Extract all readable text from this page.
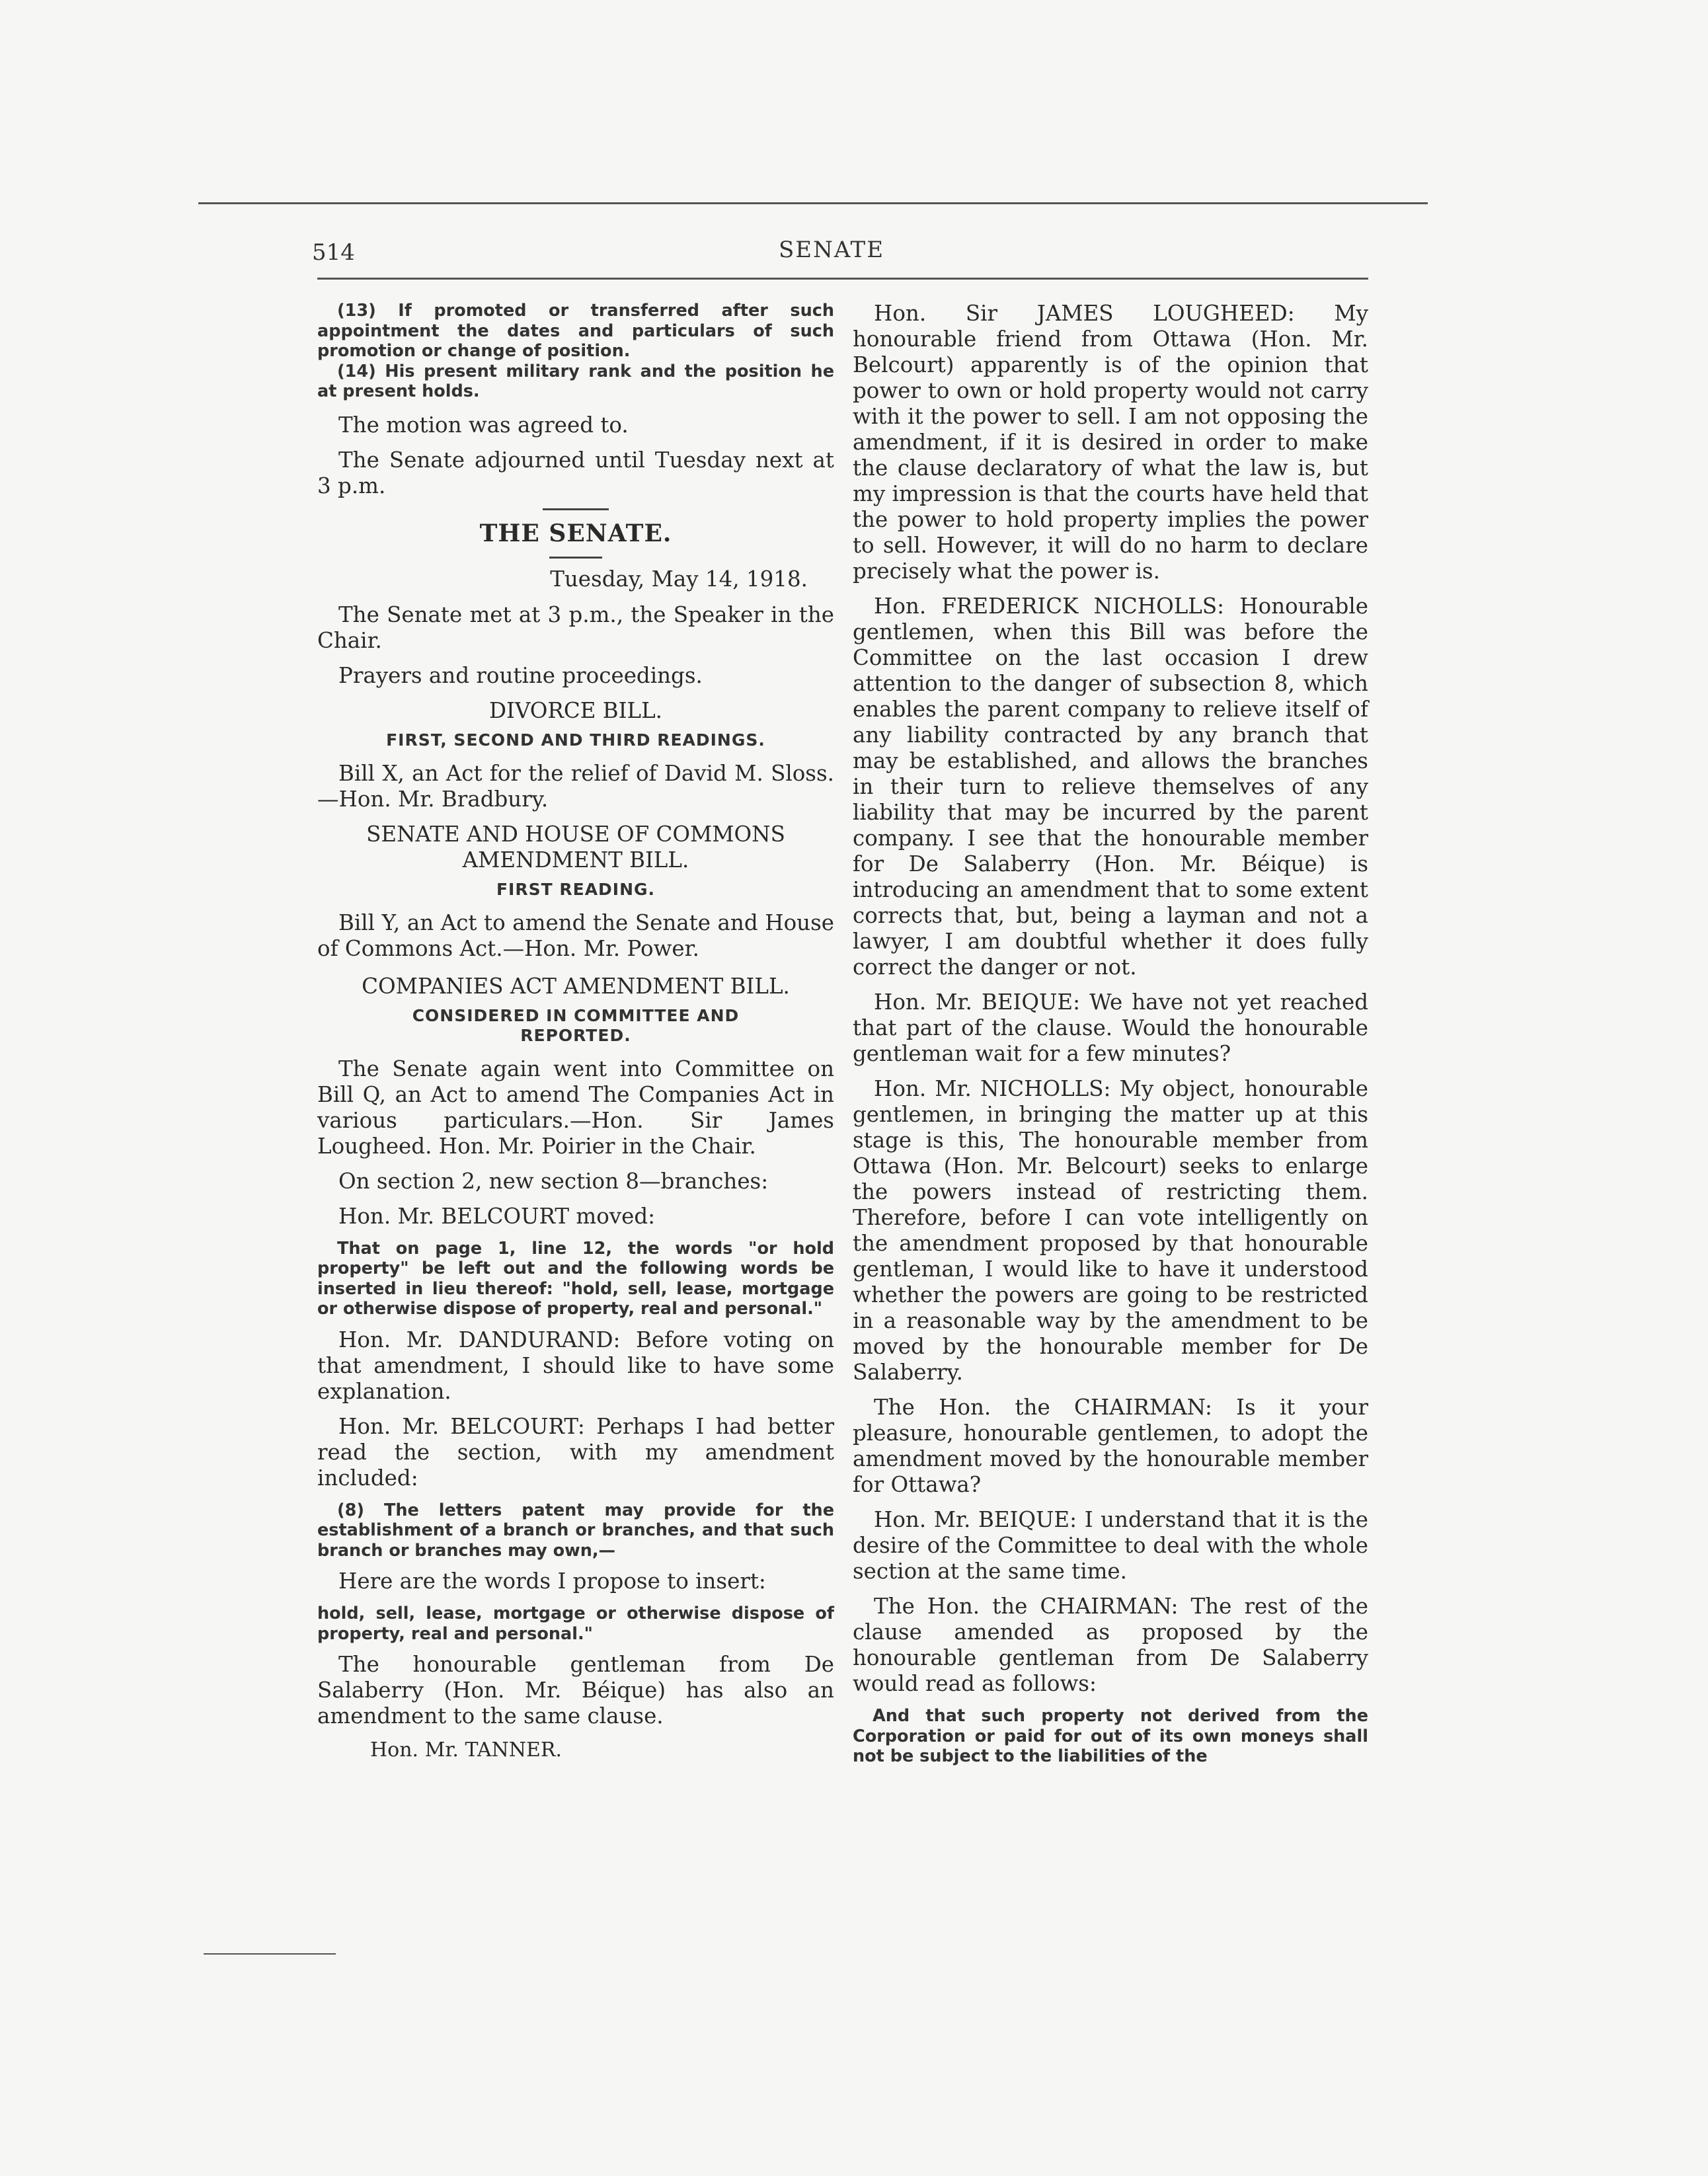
514	SENATE

(13) If promoted or transferred after such appointment the dates and particulars of such promotion or change of position.

(14) His present military rank and the position he at present holds.

The motion was agreed to.

The Senate adjourned until Tuesday next at 3 p.m.

THE SENATE.
Tuesday, May 14, 1918.

The Senate met at 3 p.m., the Speaker in the Chair.

Prayers and routine proceedings.

DIVORCE BILL.
FIRST, SECOND AND THIRD READINGS.

Bill X, an Act for the relief of David M. Sloss.—Hon. Mr. Bradbury.

SENATE AND HOUSE OF COMMONS AMENDMENT BILL.
FIRST READING.

Bill Y, an Act to amend the Senate and House of Commons Act.—Hon. Mr. Power.

COMPANIES ACT AMENDMENT BILL.
CONSIDERED IN COMMITTEE AND REPORTED.

The Senate again went into Committee on Bill Q, an Act to amend The Companies Act in various particulars.—Hon. Sir James Lougheed. Hon. Mr. Poirier in the Chair.

On section 2, new section 8—branches:

Hon. Mr. BELCOURT moved:

That on page 1, line 12, the words "or hold property" be left out and the following words be inserted in lieu thereof: "hold, sell, lease, mortgage or otherwise dispose of property, real and personal."

Hon. Mr. DANDURAND: Before voting on that amendment, I should like to have some explanation.

Hon. Mr. BELCOURT: Perhaps I had better read the section, with my amendment included:

(8) The letters patent may provide for the establishment of a branch or branches, and that such branch or branches may own,—

Here are the words I propose to insert:

hold, sell, lease, mortgage or otherwise dispose of property, real and personal."

The honourable gentleman from De Salaberry (Hon. Mr. Béique) has also an amendment to the same clause.

Hon. Mr. TANNER.

Hon. Sir JAMES LOUGHEED: My honourable friend from Ottawa (Hon. Mr. Belcourt) apparently is of the opinion that power to own or hold property would not carry with it the power to sell. I am not opposing the amendment, if it is desired in order to make the clause declaratory of what the law is, but my impression is that the courts have held that the power to hold property implies the power to sell. However, it will do no harm to declare precisely what the power is.

Hon. FREDERICK NICHOLLS: Honourable gentlemen, when this Bill was before the Committee on the last occasion I drew attention to the danger of subsection 8, which enables the parent company to relieve itself of any liability contracted by any branch that may be established, and allows the branches in their turn to relieve themselves of any liability that may be incurred by the parent company. I see that the honourable member for De Salaberry (Hon. Mr. Béique) is introducing an amendment that to some extent corrects that, but, being a layman and not a lawyer, I am doubtful whether it does fully correct the danger or not.

Hon. Mr. BEIQUE: We have not yet reached that part of the clause. Would the honourable gentleman wait for a few minutes?

Hon. Mr. NICHOLLS: My object, honourable gentlemen, in bringing the matter up at this stage is this, The honourable member from Ottawa (Hon. Mr. Belcourt) seeks to enlarge the powers instead of restricting them. Therefore, before I can vote intelligently on the amendment proposed by that honourable gentleman, I would like to have it understood whether the powers are going to be restricted in a reasonable way by the amendment to be moved by the honourable member for De Salaberry.

The Hon. the CHAIRMAN: Is it your pleasure, honourable gentlemen, to adopt the amendment moved by the honourable member for Ottawa?

Hon. Mr. BEIQUE: I understand that it is the desire of the Committee to deal with the whole section at the same time.

The Hon. the CHAIRMAN: The rest of the clause amended as proposed by the honourable gentleman from De Salaberry would read as follows:

And that such property not derived from the Corporation or paid for out of its own moneys shall not be subject to the liabilities of the
